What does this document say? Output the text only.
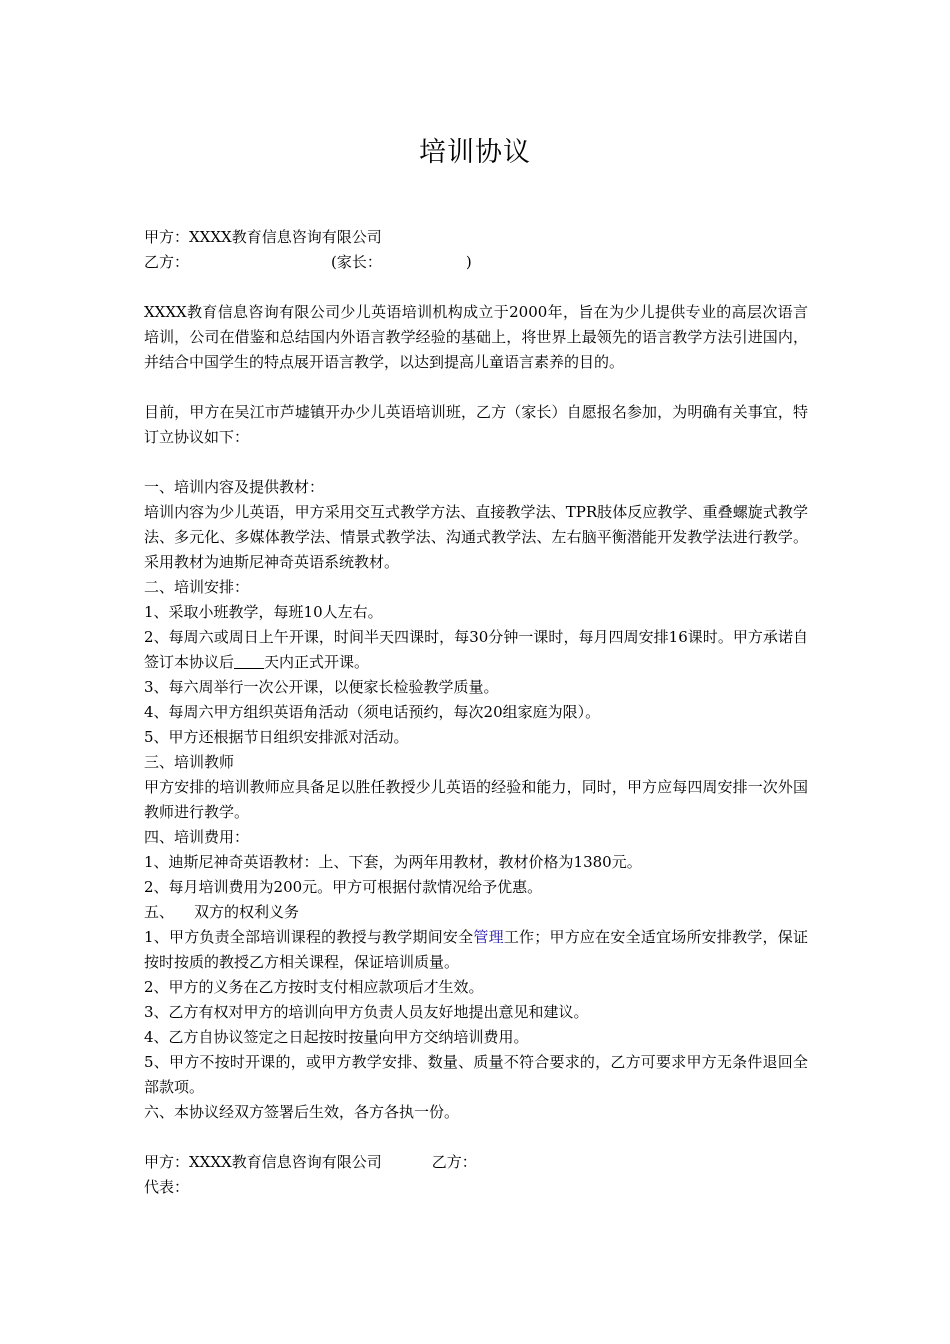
培训协议
甲方：XXXX教育信息咨询有限公司
乙方：	(家长：	)
XXXX教育信息咨询有限公司少儿英语培训机构成立于2000年，旨在为少儿提供专业的高层次语言培训，公司在借鉴和总结国内外语言教学经验的基础上，将世界上最领先的语言教学方法引进国内，并结合中国学生的特点展开语言教学，以达到提高儿童语言素养的目的。
目前，甲方在吴江市芦墟镇开办少儿英语培训班，乙方（家长）自愿报名参加，为明确有关事宜，特订立协议如下：
一、培训内容及提供教材：
培训内容为少儿英语，甲方采用交互式教学方法、直接教学法、TPR肢体反应教学、重叠螺旋式教学法、多元化、多媒体教学法、情景式教学法、沟通式教学法、左右脑平衡潜能开发教学法进行教学。采用教材为迪斯尼神奇英语系统教材。
二、培训安排：
1、采取小班教学，每班10人左右。
2、每周六或周日上午开课，时间半天四课时，每30分钟一课时，每月四周安排16课时。甲方承诺自签订本协议后 天内正式开课。
3、每六周举行一次公开课，以便家长检验教学质量。
4、每周六甲方组织英语角活动（须电话预约，每次20组家庭为限）。
5、甲方还根据节日组织安排派对活动。
三、培训教师
甲方安排的培训教师应具备足以胜任教授少儿英语的经验和能力，同时，甲方应每四周安排一次外国教师进行教学。
四、培训费用：
1、迪斯尼神奇英语教材：上、下套，为两年用教材，教材价格为1380元。
2、每月培训费用为200元。甲方可根据付款情况给予优惠。
五、 双方的权利义务
1、甲方负责全部培训课程的教授与教学期间安全管理工作；甲方应在安全适宜场所安排教学，保证按时按质的教授乙方相关课程，保证培训质量。
2、甲方的义务在乙方按时支付相应款项后才生效。
3、乙方有权对甲方的培训向甲方负责人员友好地提出意见和建议。
4、乙方自协议签定之日起按时按量向甲方交纳培训费用。
5、甲方不按时开课的，或甲方教学安排、数量、质量不符合要求的，乙方可要求甲方无条件退回全部款项。
六、本协议经双方签署后生效，各方各执一份。
甲方：XXXX教育信息咨询有限公司	乙方：
代表：
